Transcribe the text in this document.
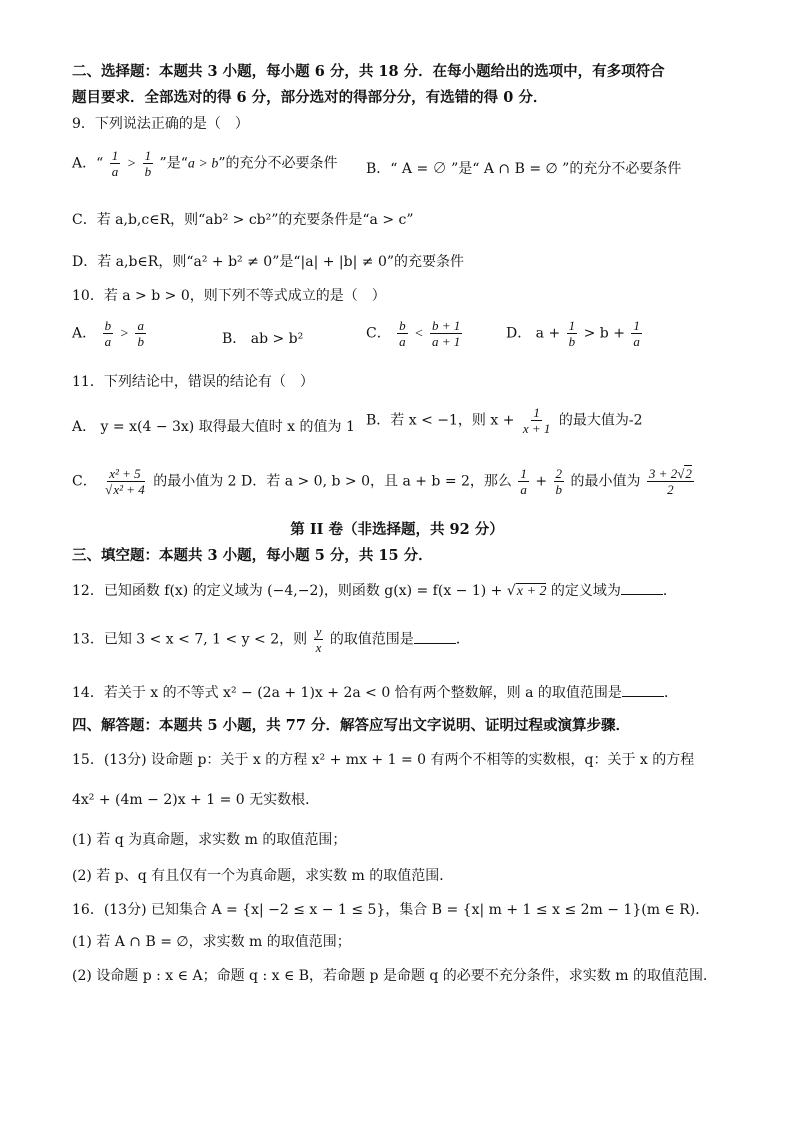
二、选择题：本题共 3 小题，每小题 6 分，共 18 分．在每小题给出的选项中，有多项符合
题目要求．全部选对的得 6 分，部分选对的得部分分，有选错的得 0 分．
9．下列说法正确的是（　）
A．“ $\frac{1}{a} > \frac{1}{b}$ ”是“a > b”的充分不必要条件 B．“ A = ∅ ”是“ A ∩ B = ∅ ”的充分不必要条件
C．若 a,b,c∈R，则“ab² > cb²”的充要条件是“a > c”
D．若 a,b∈R，则“a² + b² ≠ 0”是“|a| + |b| ≠ 0”的充要条件
10．若 a > b > 0，则下列不等式成立的是（　）
A． $\frac{b}{a} > \frac{a}{b}$	B． ab > b²	C． $\frac{b}{a} < \frac{b + 1}{a + 1}$	D． $a + \frac{1}{b} > b + \frac{1}{a}$
11．下列结论中，错误的结论有（　）
A． y = x(4 − 3x) 取得最大值时 x 的值为 1 B．若 x < −1，则 $x + \frac{1}{x + 1}$ 的最大值为-2
C． $\frac{\text{x² + 5}}{\text{√x² + 4}}$ 的最小值为 2 D．若 a > 0, b > 0，且 a + b = 2，那么 $\frac{1}{a} + \frac{2}{b}$ 的最小值为 $\frac{3 + 2√2}{2}$
第 II 卷（非选择题，共 92 分）
三、填空题：本题共 3 小题，每小题 5 分，共 15 分．
12．已知函数 f(x) 的定义域为 (−4,−2)，则函数 g(x) = f(x − 1) + √x + 2 的定义域为	．
13．已知 3 < x < 7, 1 < y < 2，则 $\frac{y}{x}$ 的取值范围是	．
14．若关于 x 的不等式 x² − (2a + 1)x + 2a < 0 恰有两个整数解，则 a 的取值范围是	．
四、解答题：本题共 5 小题，共 77 分．解答应写出文字说明、证明过程或演算步骤．
15．(13分) 设命题 p：关于 x 的方程 x² + mx + 1 = 0 有两个不相等的实数根，q：关于 x 的方程
4x² + (4m − 2)x + 1 = 0 无实数根．
(1) 若 q 为真命题，求实数 m 的取值范围；
(2) 若 p、q 有且仅有一个为真命题，求实数 m 的取值范围．
16．(13分) 已知集合 A = {x| −2 ≤ x − 1 ≤ 5}，集合 B = {x| m + 1 ≤ x ≤ 2m − 1}(m ∈ R)．
(1) 若 A ∩ B = ∅，求实数 m 的取值范围；
(2) 设命题 p : x ∈ A；命题 q : x ∈ B，若命题 p 是命题 q 的必要不充分条件，求实数 m 的取值范围．
